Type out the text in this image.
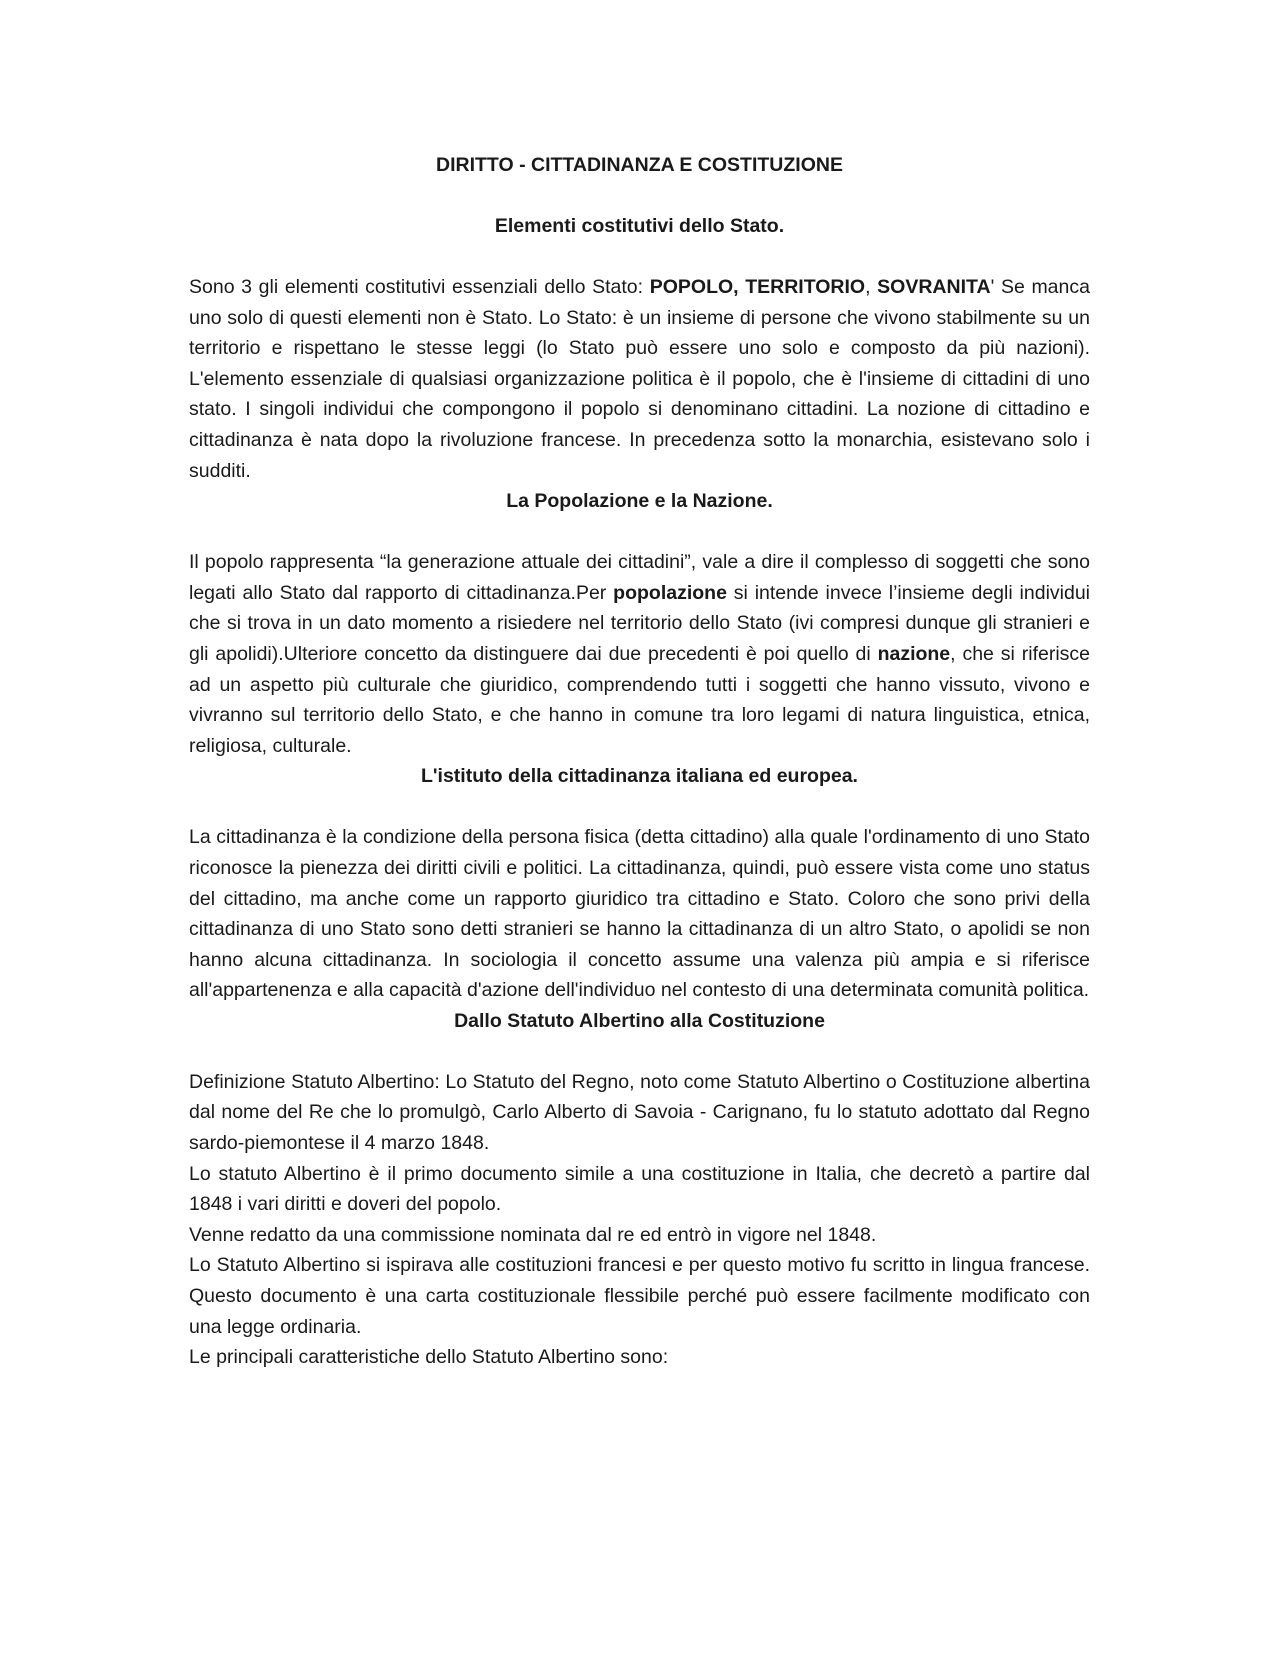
DIRITTO - CITTADINANZA E COSTITUZIONE
Elementi costitutivi dello Stato.

Sono 3 gli elementi costitutivi essenziali dello Stato: POPOLO, TERRITORIO, SOVRANITA' Se manca uno solo di questi elementi non è Stato. Lo Stato: è un insieme di persone che vivono stabilmente su un territorio e rispettano le stesse leggi (lo Stato può essere uno solo e composto da più nazioni). L'elemento essenziale di qualsiasi organizzazione politica è il popolo, che è l'insieme di cittadini di uno stato. I singoli individui che compongono il popolo si denominano cittadini. La nozione di cittadino e cittadinanza è nata dopo la rivoluzione francese. In precedenza sotto la monarchia, esistevano solo i sudditi.

La Popolazione e la Nazione.

Il popolo rappresenta “la generazione attuale dei cittadini”, vale a dire il complesso di soggetti che sono legati allo Stato dal rapporto di cittadinanza.Per popolazione si intende invece l’insieme degli individui che si trova in un dato momento a risiedere nel territorio dello Stato (ivi compresi dunque gli stranieri e gli apolidi).Ulteriore concetto da distinguere dai due precedenti è poi quello di nazione, che si riferisce ad un aspetto più culturale che giuridico, comprendendo tutti i soggetti che hanno vissuto, vivono e vivranno sul territorio dello Stato, e che hanno in comune tra loro legami di natura linguistica, etnica, religiosa, culturale.

L'istituto della cittadinanza italiana ed europea.

La cittadinanza è la condizione della persona fisica (detta cittadino) alla quale l'ordinamento di uno Stato riconosce la pienezza dei diritti civili e politici. La cittadinanza, quindi, può essere vista come uno status del cittadino, ma anche come un rapporto giuridico tra cittadino e Stato. Coloro che sono privi della cittadinanza di uno Stato sono detti stranieri se hanno la cittadinanza di un altro Stato, o apolidi se non hanno alcuna cittadinanza. In sociologia il concetto assume una valenza più ampia e si riferisce all'appartenenza e alla capacità d'azione dell'individuo nel contesto di una determinata comunità politica.

Dallo Statuto Albertino alla Costituzione

Definizione Statuto Albertino: Lo Statuto del Regno, noto come Statuto Albertino o Costituzione albertina dal nome del Re che lo promulgò, Carlo Alberto di Savoia - Carignano, fu lo statuto adottato dal Regno sardo-piemontese il 4 marzo 1848.

Lo statuto Albertino è il primo documento simile a una costituzione in Italia, che decretò a partire dal 1848 i vari diritti e doveri del popolo.

Venne redatto da una commissione nominata dal re ed entrò in vigore nel 1848.

Lo Statuto Albertino si ispirava alle costituzioni francesi e per questo motivo fu scritto in lingua francese. Questo documento è una carta costituzionale flessibile perché può essere facilmente modificato con una legge ordinaria.

Le principali caratteristiche dello Statuto Albertino sono:
